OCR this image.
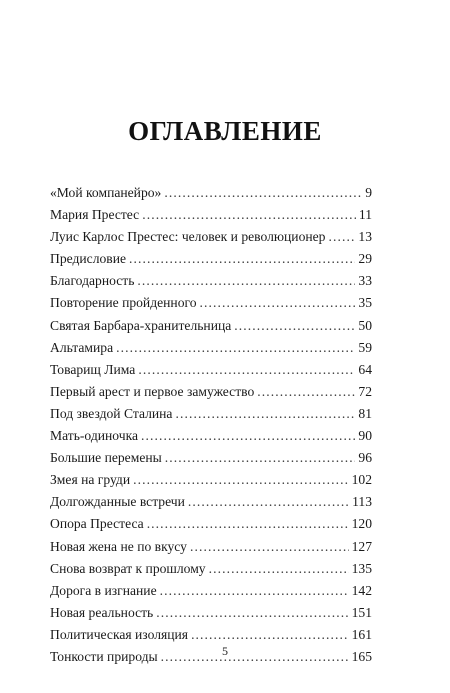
ОГЛАВЛЕНИЕ
«Мой компанейро» .....	9
Мария Престес .....	11
Луис Карлос Престес: человек и революционер ..... 13
Предисловие .....	29
Благодарность .....	33
Повторение пройденного .....	35
Святая Барбара-хранительница .....	50
Альтамира .....	59
Товарищ Лима .....	64
Первый арест и первое замужество .....	72
Под звездой Сталина .....	81
Мать-одиночка .....	90
Большие перемены .....	96
Змея на груди .....	102
Долгожданные встречи .....	113
Опора Престеса .....	120
Новая жена не по вкусу .....	127
Снова возврат к прошлому .....	135
Дорога в изгнание .....	142
Новая реальность .....	151
Политическая изоляция .....	161
Тонкости природы .....	165
5
